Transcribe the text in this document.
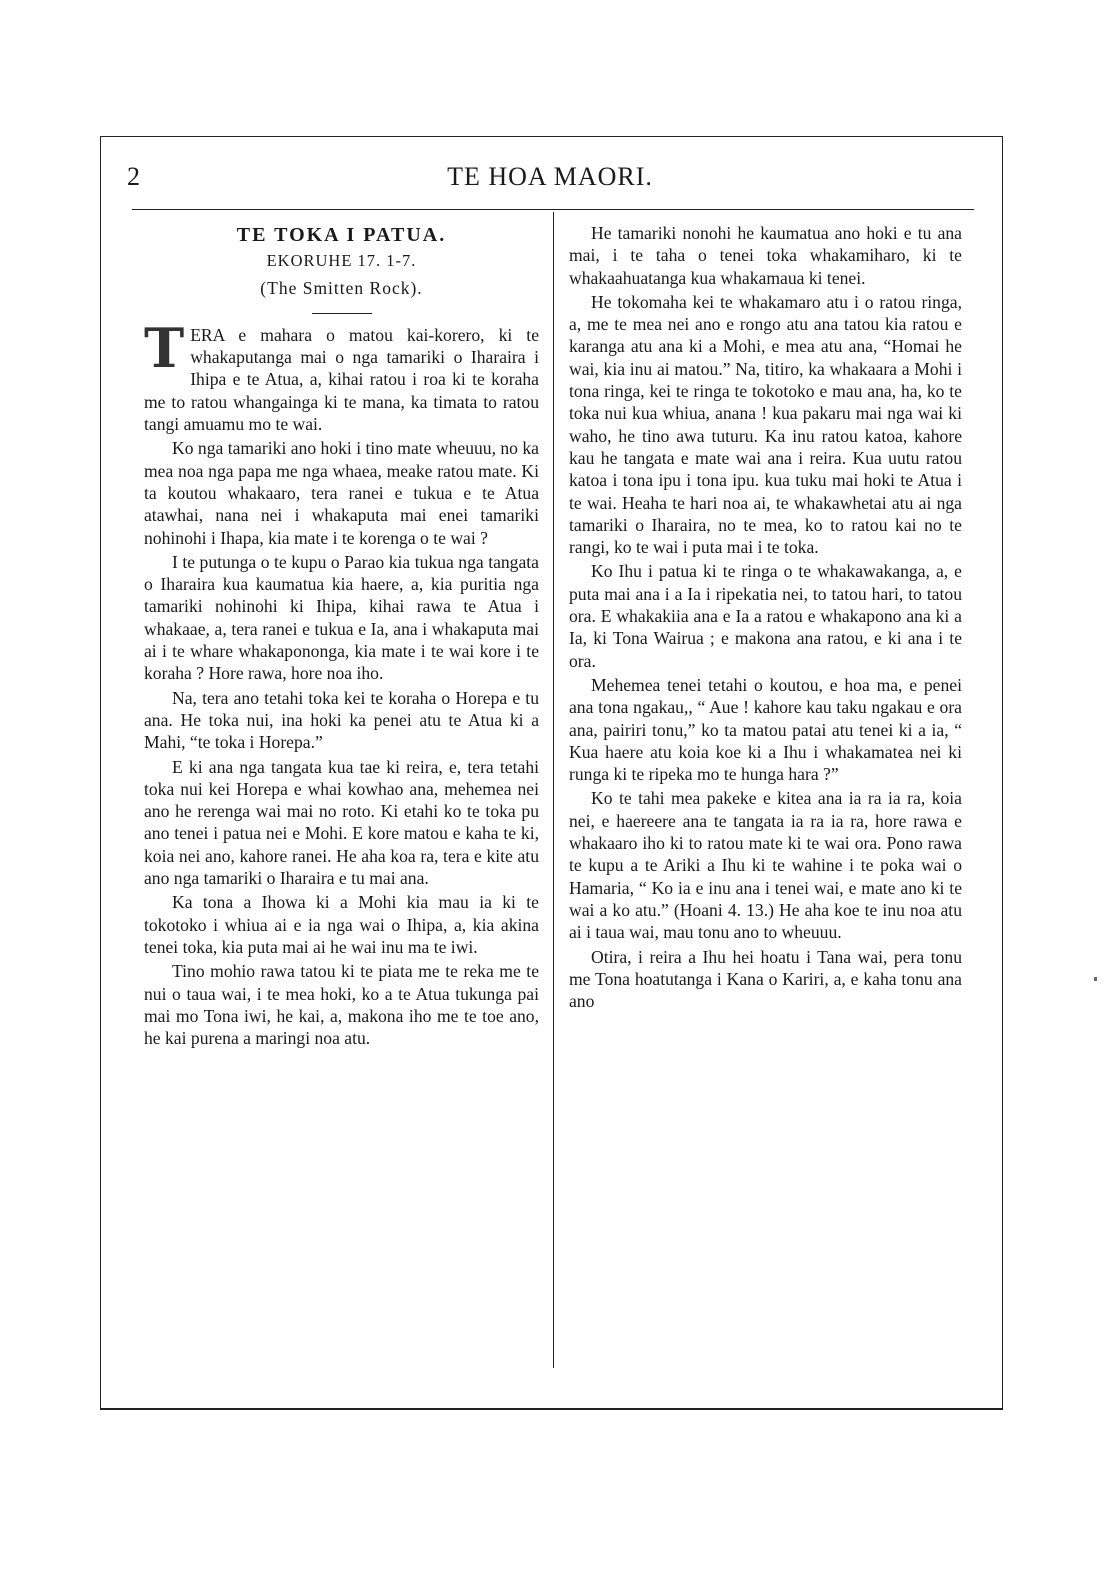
2	TE HOA MAORI.
TE TOKA I PATUA.
EKORUHE 17. 1-7.
(The Smitten Rock).

TERA e mahara o matou kai-korero, ki te whakaputanga mai o nga tamariki o Iharaira i Ihipa e te Atua, a, kihai ratou i roa ki te koraha me to ratou whangainga ki te mana, ka timata to ratou tangi amuamu mo te wai.

Ko nga tamariki ano hoki i tino mate wheuuu, no ka mea noa nga papa me nga whaea, meake ratou mate. Ki ta koutou whakaaro, tera ranei e tukua e te Atua atawhai, nana nei i whakaputa mai enei tamariki nohinohi i Ihapa, kia mate i te korenga o te wai ?

I te putunga o te kupu o Parao kia tukua nga tangata o Iharaira kua kaumatua kia haere, a, kia puritia nga tamariki nohinohi ki Ihipa, kihai rawa te Atua i whakaae, a, tera ranei e tukua e Ia, ana i whakaputa mai ai i te whare whakapononga, kia mate i te wai kore i te koraha ? Hore rawa, hore noa iho.

Na, tera ano tetahi toka kei te koraha o Horepa e tu ana. He toka nui, ina hoki ka penei atu te Atua ki a Mahi, “te toka i Horepa.”

E ki ana nga tangata kua tae ki reira, e, tera tetahi toka nui kei Horepa e whai kowhao ana, mehemea nei ano he rerenga wai mai no roto. Ki etahi ko te toka pu ano tenei i patua nei e Mohi. E kore matou e kaha te ki, koia nei ano, kahore ranei. He aha koa ra, tera e kite atu ano nga tamariki o Iharaira e tu mai ana.

Ka tona a Ihowa ki a Mohi kia mau ia ki te tokotoko i whiua ai e ia nga wai o Ihipa, a, kia akina tenei toka, kia puta mai ai he wai inu ma te iwi.

Tino mohio rawa tatou ki te piata me te reka me te nui o taua wai, i te mea hoki, ko a te Atua tukunga pai mai mo Tona iwi, he kai, a, makona iho me te toe ano, he kai purena a maringi noa atu.

He tamariki nonohi he kaumatua ano hoki e tu ana mai, i te taha o tenei toka whakamiharo, ki te whakaahuatanga kua whakamaua ki tenei.

He tokomaha kei te whakamaro atu i o ratou ringa, a, me te mea nei ano e rongo atu ana tatou kia ratou e karanga atu ana ki a Mohi, e mea atu ana, “Homai he wai, kia inu ai matou.” Na, titiro, ka whakaara a Mohi i tona ringa, kei te ringa te tokotoko e mau ana, ha, ko te toka nui kua whiua, anana ! kua pakaru mai nga wai ki waho, he tino awa tuturu. Ka inu ratou katoa, kahore kau he tangata e mate wai ana i reira. Kua uutu ratou katoa i tona ipu i tona ipu. kua tuku mai hoki te Atua i te wai. Heaha te hari noa ai, te whakawhetai atu ai nga tamariki o Iharaira, no te mea, ko to ratou kai no te rangi, ko te wai i puta mai i te toka.

Ko Ihu i patua ki te ringa o te whakawakanga, a, e puta mai ana i a Ia i ripekatia nei, to tatou hari, to tatou ora. E whakakiia ana e Ia a ratou e whakapono ana ki a Ia, ki Tona Wairua ; e makona ana ratou, e ki ana i te ora.

Mehemea tenei tetahi o koutou, e hoa ma, e penei ana tona ngakau,, “ Aue ! kahore kau taku ngakau e ora ana, pairiri tonu,” ko ta matou patai atu tenei ki a ia, “ Kua haere atu koia koe ki a Ihu i whakamatea nei ki runga ki te ripeka mo te hunga hara ?”

Ko te tahi mea pakeke e kitea ana ia ra ia ra, koia nei, e haereere ana te tangata ia ra ia ra, hore rawa e whakaaro iho ki to ratou mate ki te wai ora. Pono rawa te kupu a te Ariki a Ihu ki te wahine i te poka wai o Hamaria, “ Ko ia e inu ana i tenei wai, e mate ano ki te wai a ko atu.” (Hoani 4. 13.) He aha koe te inu noa atu ai i taua wai, mau tonu ano to wheuuu.

Otira, i reira a Ihu hei hoatu i Tana wai, pera tonu me Tona hoatutanga i Kana o Kariri, a, e kaha tonu ana ano
